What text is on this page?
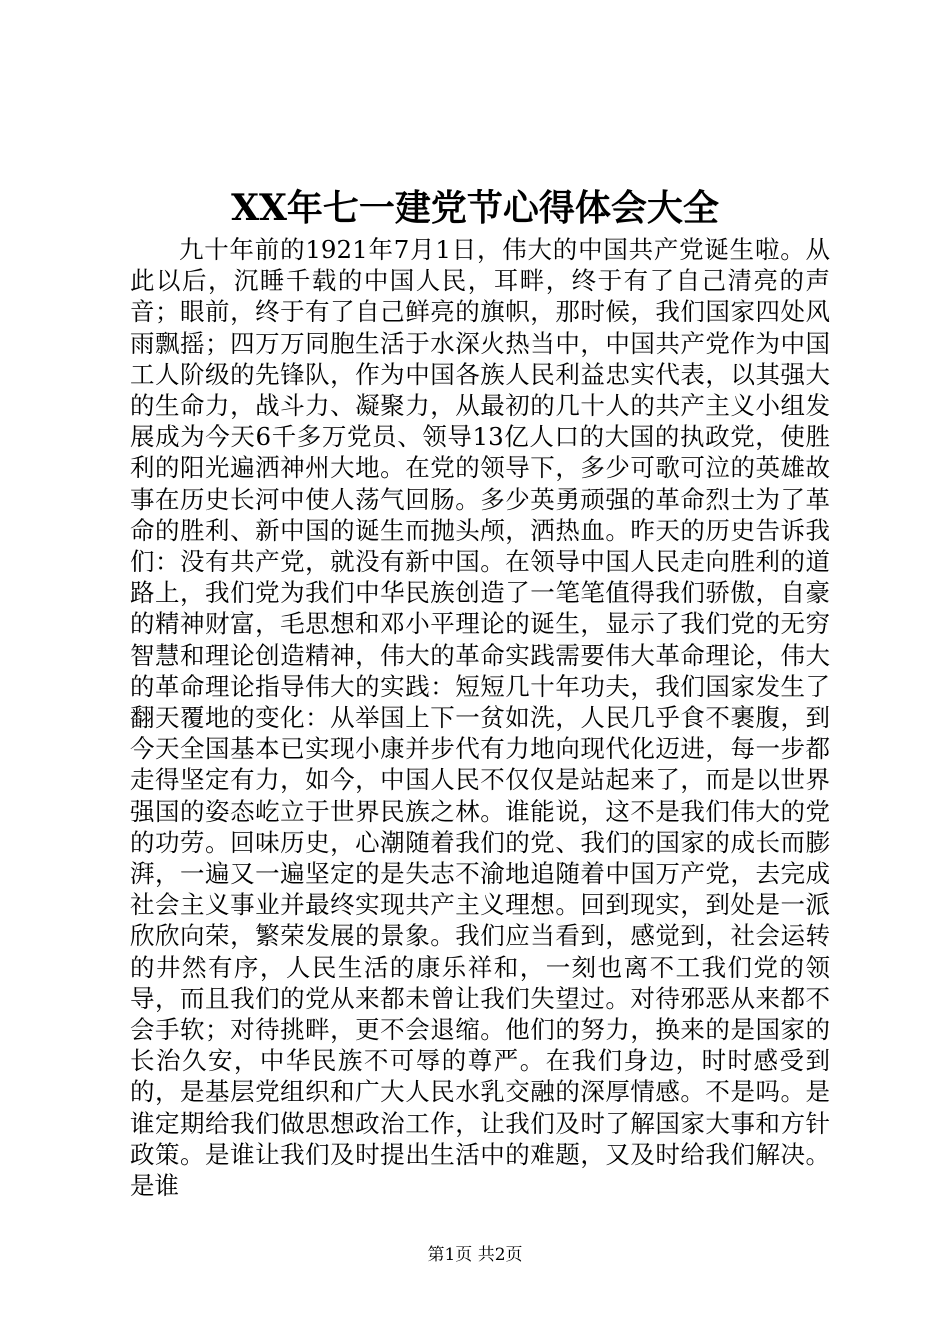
XX年七一建党节心得体会大全

九十年前的1921年7月1日，伟大的中国共产党诞生啦。从此以后，沉睡千载的中国人民，耳畔，终于有了自己清亮的声音；眼前，终于有了自己鲜亮的旗帜，那时候，我们国家四处风雨飘摇；四万万同胞生活于水深火热当中，中国共产党作为中国工人阶级的先锋队，作为中国各族人民利益忠实代表，以其强大的生命力，战斗力、凝聚力，从最初的几十人的共产主义小组发展成为今天6千多万党员、领导13亿人口的大国的执政党，使胜利的阳光遍洒神州大地。在党的领导下，多少可歌可泣的英雄故事在历史长河中使人荡气回肠。多少英勇顽强的革命烈士为了革命的胜利、新中国的诞生而抛头颅，洒热血。昨天的历史告诉我们：没有共产党，就没有新中国。在领导中国人民走向胜利的道路上，我们党为我们中华民族创造了一笔笔值得我们骄傲，自豪的精神财富，毛思想和邓小平理论的诞生，显示了我们党的无穷智慧和理论创造精神，伟大的革命实践需要伟大革命理论，伟大的革命理论指导伟大的实践：短短几十年功夫，我们国家发生了翻天覆地的变化：从举国上下一贫如洗，人民几乎食不裹腹，到今天全国基本已实现小康并步代有力地向现代化迈进，每一步都走得坚定有力，如今，中国人民不仅仅是站起来了，而是以世界强国的姿态屹立于世界民族之林。谁能说，这不是我们伟大的党的功劳。回味历史，心潮随着我们的党、我们的国家的成长而膨湃，一遍又一遍坚定的是失志不渝地追随着中国万产党，去完成社会主义事业并最终实现共产主义理想。回到现实，到处是一派欣欣向荣，繁荣发展的景象。我们应当看到，感觉到，社会运转的井然有序，人民生活的康乐祥和，一刻也离不工我们党的领导，而且我们的党从来都未曾让我们失望过。对待邪恶从来都不会手软；对待挑畔，更不会退缩。他们的努力，换来的是国家的长治久安，中华民族不可辱的尊严。在我们身边，时时感受到的，是基层党组织和广大人民水乳交融的深厚情感。不是吗。是谁定期给我们做思想政治工作，让我们及时了解国家大事和方针政策。是谁让我们及时提出生活中的难题，又及时给我们解决。是谁

第1页 共2页
